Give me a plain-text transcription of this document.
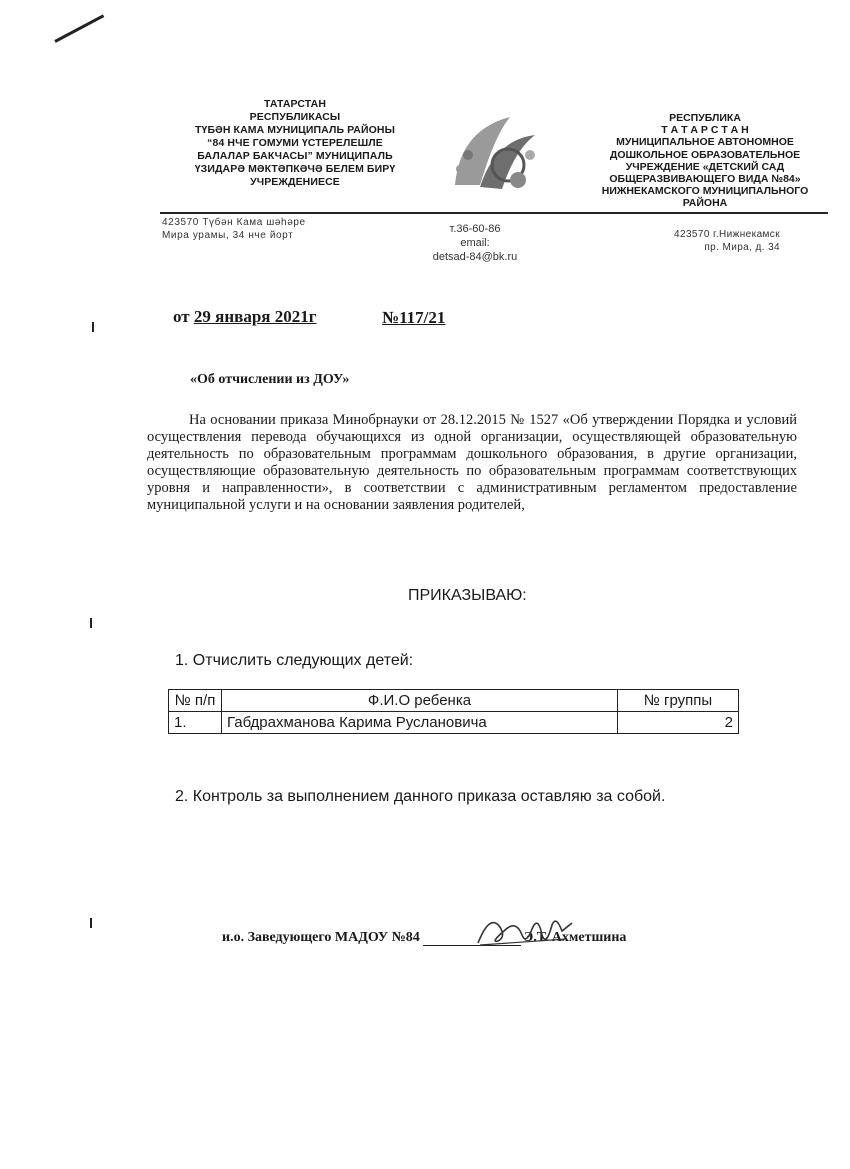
ТАТАРСТАН
РЕСПУБЛИКАСЫ
ТҮБӘН КАМА МУНИЦИПАЛЬ РАЙОНЫ
“84 НЧЕ ГОМУМИ ҮСТЕРЕЛЕШЛЕ
БАЛАЛАР БАКЧАСЫ” МУНИЦИПАЛЬ
ҮЗИДАРӘ МӘКТӘПКӘЧӘ БЕЛЕМ БИРҮ
УЧРЕЖДЕНИЕСЕ
РЕСПУБЛИКА
Т А Т А Р С Т А Н
МУНИЦИПАЛЬНОЕ АВТОНОМНОЕ
ДОШКОЛЬНОЕ ОБРАЗОВАТЕЛЬНОЕ
УЧРЕЖДЕНИЕ «ДЕТСКИЙ САД
ОБЩЕРАЗВИВАЮЩЕГО ВИДА №84»
НИЖНЕКАМСКОГО МУНИЦИПАЛЬНОГО
РАЙОНА
423570 Түбән Кама шәһәре
Мира урамы, 34 нче йорт
т.36-60-86
email:
detsad-84@bk.ru
423570 г.Нижнекамск
пр. Мира, д. 34
от 29 января 2021г	№117/21
«Об отчислении из ДОУ»
На основании приказа Минобрнауки от 28.12.2015 № 1527 «Об утверждении Порядка и условий осуществления перевода обучающихся из одной организации, осуществляющей образовательную деятельность по образовательным программам дошкольного образования, в другие организации, осуществляющие образовательную деятельность по образовательным программам соответствующих уровня и направленности», в соответствии с административным регламентом предоставление муниципальной услуги и на основании заявления родителей,
ПРИКАЗЫВАЮ:
1. Отчислить следующих детей:
№ п/п	Ф.И.О ребенка	№ группы
1.	Габдрахманова Карима Руслановича	2
2. Контроль за выполнением данного приказа оставляю за собой.
и.о. Заведующего МАДОУ №84	Э.Т. Ахметшина
